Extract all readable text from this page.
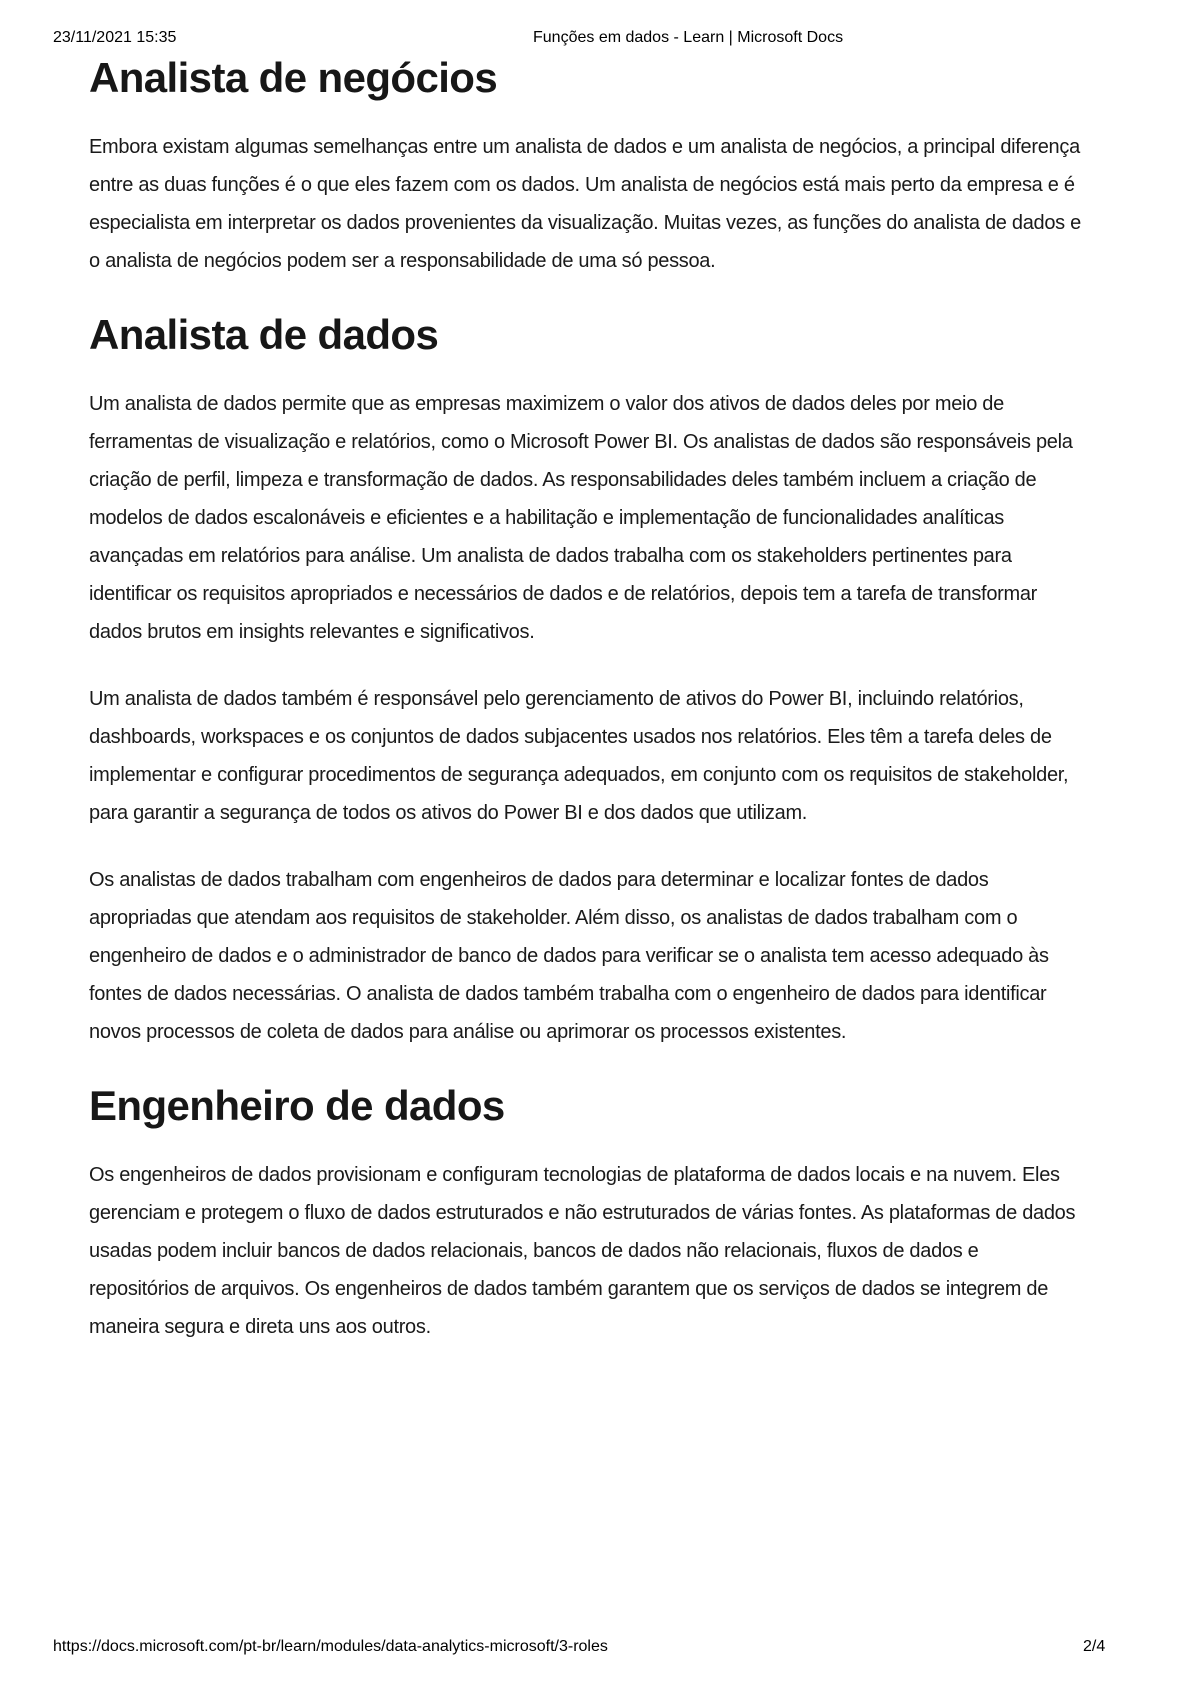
23/11/2021 15:35	Funções em dados - Learn | Microsoft Docs
Analista de negócios

Embora existam algumas semelhanças entre um analista de dados e um analista de negócios, a principal diferença entre as duas funções é o que eles fazem com os dados. Um analista de negócios está mais perto da empresa e é especialista em interpretar os dados provenientes da visualização. Muitas vezes, as funções do analista de dados e o analista de negócios podem ser a responsabilidade de uma só pessoa.

Analista de dados

Um analista de dados permite que as empresas maximizem o valor dos ativos de dados deles por meio de ferramentas de visualização e relatórios, como o Microsoft Power BI. Os analistas de dados são responsáveis pela criação de perfil, limpeza e transformação de dados. As responsabilidades deles também incluem a criação de modelos de dados escalonáveis e eficientes e a habilitação e implementação de funcionalidades analíticas avançadas em relatórios para análise. Um analista de dados trabalha com os stakeholders pertinentes para identificar os requisitos apropriados e necessários de dados e de relatórios, depois tem a tarefa de transformar dados brutos em insights relevantes e significativos.

Um analista de dados também é responsável pelo gerenciamento de ativos do Power BI, incluindo relatórios, dashboards, workspaces e os conjuntos de dados subjacentes usados nos relatórios. Eles têm a tarefa deles de implementar e configurar procedimentos de segurança adequados, em conjunto com os requisitos de stakeholder, para garantir a segurança de todos os ativos do Power BI e dos dados que utilizam.

Os analistas de dados trabalham com engenheiros de dados para determinar e localizar fontes de dados apropriadas que atendam aos requisitos de stakeholder. Além disso, os analistas de dados trabalham com o engenheiro de dados e o administrador de banco de dados para verificar se o analista tem acesso adequado às fontes de dados necessárias. O analista de dados também trabalha com o engenheiro de dados para identificar novos processos de coleta de dados para análise ou aprimorar os processos existentes.

Engenheiro de dados

Os engenheiros de dados provisionam e configuram tecnologias de plataforma de dados locais e na nuvem. Eles gerenciam e protegem o fluxo de dados estruturados e não estruturados de várias fontes. As plataformas de dados usadas podem incluir bancos de dados relacionais, bancos de dados não relacionais, fluxos de dados e repositórios de arquivos. Os engenheiros de dados também garantem que os serviços de dados se integrem de maneira segura e direta uns aos outros.

https://docs.microsoft.com/pt-br/learn/modules/data-analytics-microsoft/3-roles	2/4
